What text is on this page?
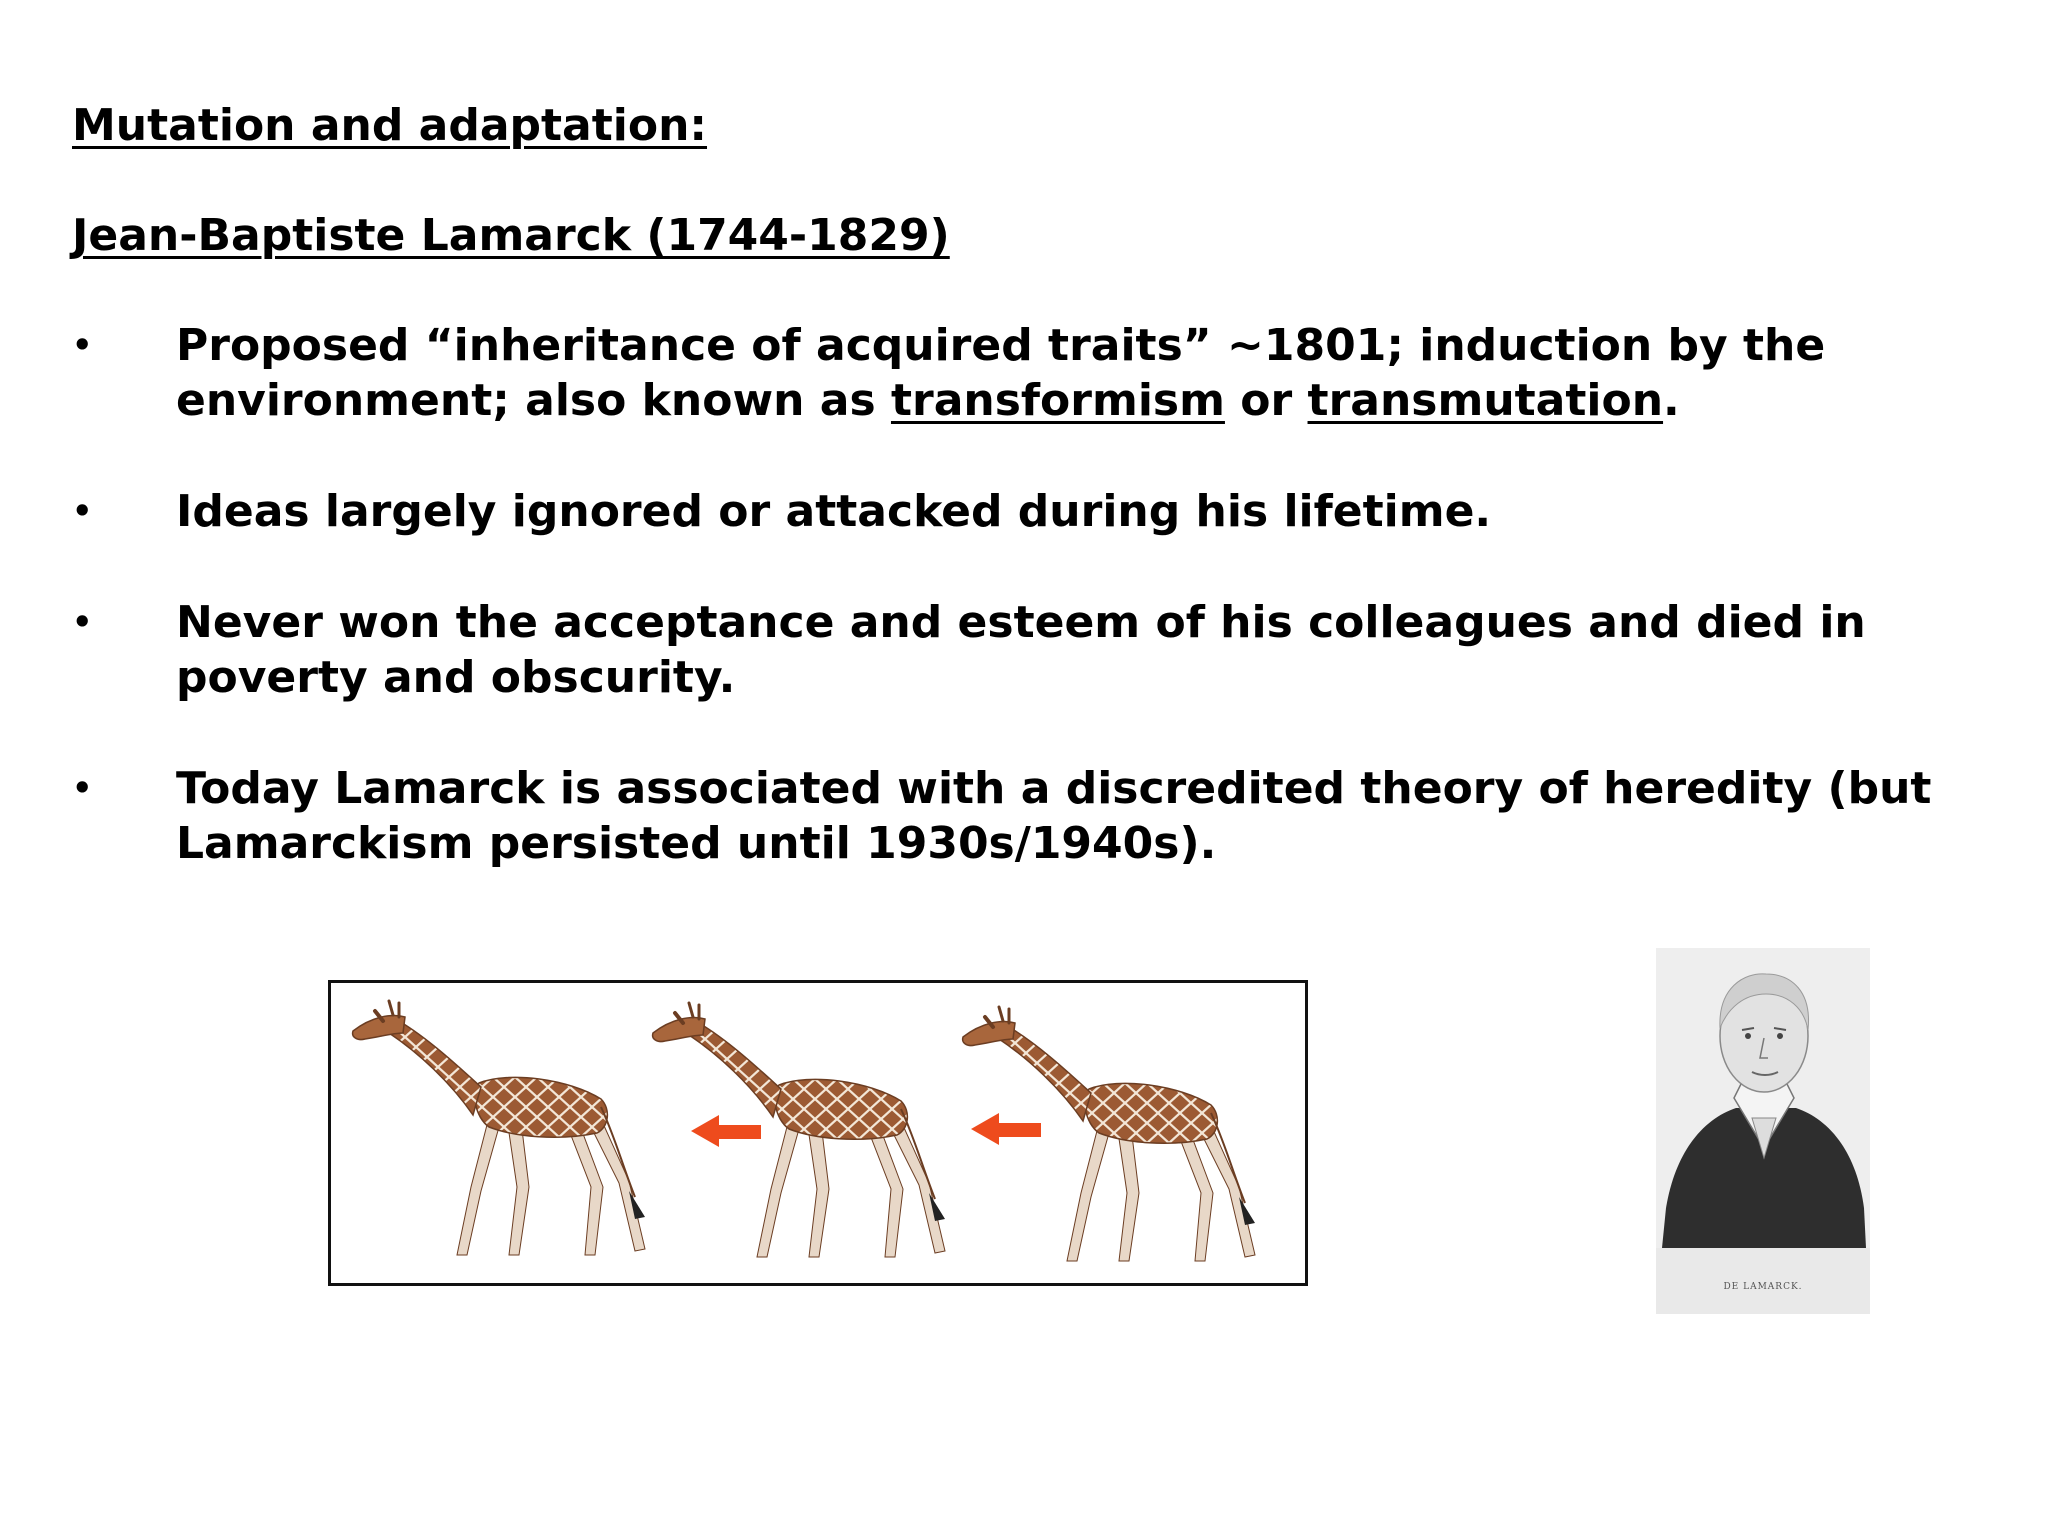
Mutation and adaptation:
Jean-Baptiste Lamarck (1744-1829)
•	Proposed “inheritance of acquired traits” ~1801; induction by the environment; also known as transformism or transmutation.
•	Ideas largely ignored or attacked during his lifetime.
•	Never won the acceptance and esteem of his colleagues and died in poverty and obscurity.
•	Today Lamarck is associated with a discredited theory of heredity (but Lamarckism persisted until 1930s/1940s).
DE LAMARCK.
